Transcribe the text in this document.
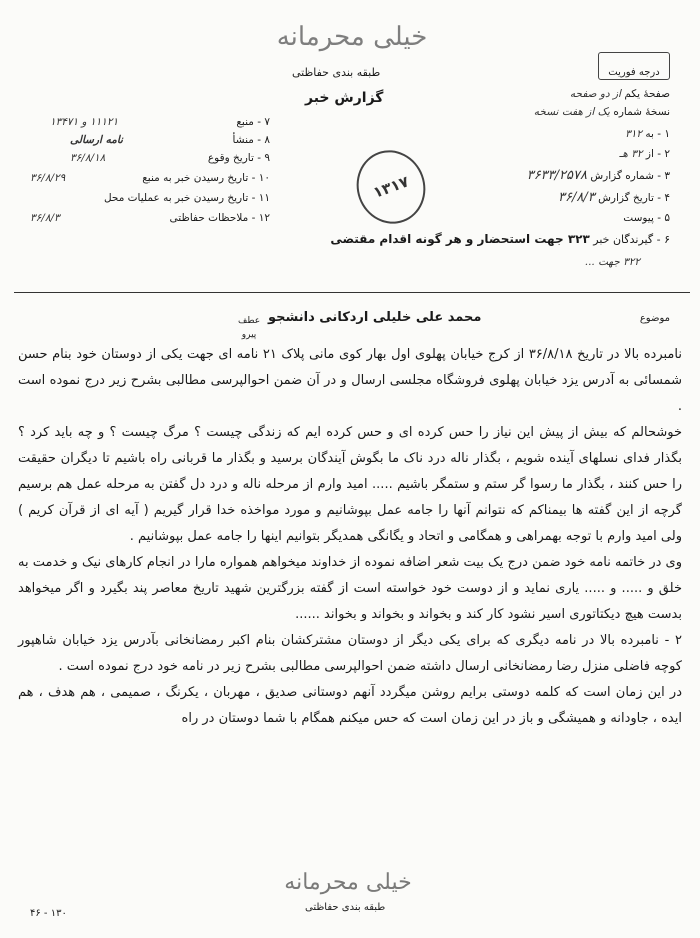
خیلی محرمانه
طبقه بندی حفاظتی
گزارش خبر
درجه فوریت
۷ - منبع
۱۱۱۲۱ و ۱۳۴۷۱
۸ - منشأ
نامه ارسالی
۹ - تاریخ وقوع
۳۶/۸/۱۸
۱۰ - تاریخ رسیدن خبر به منبع
۳۶/۸/۲۹
۱۱ - تاریخ رسیدن خبر به عملیات محل
۱۲ - ملاحظات حفاظتی
۳۶/۸/۳
۱۳۱۷
صفحهٔ یکم از دو صفحه
نسخهٔ شماره یک از هفت نسخه
۱ - به ۳۱۲
۲ - از ۳۲ هـ
۳ - شماره گزارش ۳۶۳۳/۲۵۷۸
۴ - تاریخ گزارش ۳۶/۸/۳
۵ - پیوست
۶ - گیرندگان خبر ۳۲۳ جهت استحضار و هر گونه اقدام مقتضی
۳۲۲ جهت ...
موضوع
محمد علی خلیلی اردکانی دانشجو
عطف
پیرو

نامبرده بالا در تاریخ ۳۶/۸/۱۸ از کرج خیابان پهلوی اول بهار کوی مانی پلاک ۲۱ نامه ای جهت یکی از دوستان خود بنام حسن شمسائی به آدرس یزد خیابان پهلوی فروشگاه مجلسی ارسال و در آن ضمن احوالپرسی مطالبی بشرح زیر درج نموده است .

خوشحالم که بیش از پیش این نیاز را حس کرده ای و حس کرده ایم که زندگی چیست ؟ مرگ چیست ؟ و چه باید کرد ؟ بگذار فدای نسلهای آینده شویم ، بگذار ناله درد ناک ما بگوش آیندگان برسید و بگذار ما قربانی راه باشیم تا دیگران حقیقت را حس کنند ، بگذار ما رسوا گر ستم و ستمگر باشیم ..... امید وارم از مرحله ناله و درد دل گفتن به مرحله عمل هم برسیم گرچه از این گفته ها بیمناکم که نتوانم آنها را جامه عمل بپوشانیم و مورد مواخذه خدا قرار گیریم ( آیه ای از قرآن کریم ) ولی امید وارم با توجه بهمراهی و همگامی و اتحاد و یگانگی همدیگر بتوانیم اینها را جامه عمل بپوشانیم .

وی در خاتمه نامه خود ضمن درج یک بیت شعر اضافه نموده از خداوند میخواهم همواره مارا در انجام کارهای نیک و خدمت به خلق و ..... و ..... یاری نماید و از دوست خود خواسته است از گفته بزرگترین شهید تاریخ معاصر پند بگیرد و اگر میخواهد بدست هیچ دیکتاتوری اسیر نشود کار کند و بخواند و بخواند و بخواند ......

۲ - نامبرده بالا در نامه دیگری که برای یکی دیگر از دوستان مشترکشان بنام اکبر رمضانخانی بآدرس یزد خیابان شاهپور کوچه فاضلی منزل رضا رمضانخانی ارسال داشته ضمن احوالپرسی مطالبی بشرح زیر در نامه خود درج نموده است .

در این زمان است که کلمه دوستی برایم روشن میگردد آنهم دوستانی صدیق ، مهربان ، یکرنگ ، صمیمی ، هم هدف ، هم ایده ، جاودانه و همیشگی و باز در این زمان است که حس میکنم همگام با شما دوستان در راه

خیلی محرمانه
طبقه بندی حفاظتی
۴۶ - ۱۳۰
